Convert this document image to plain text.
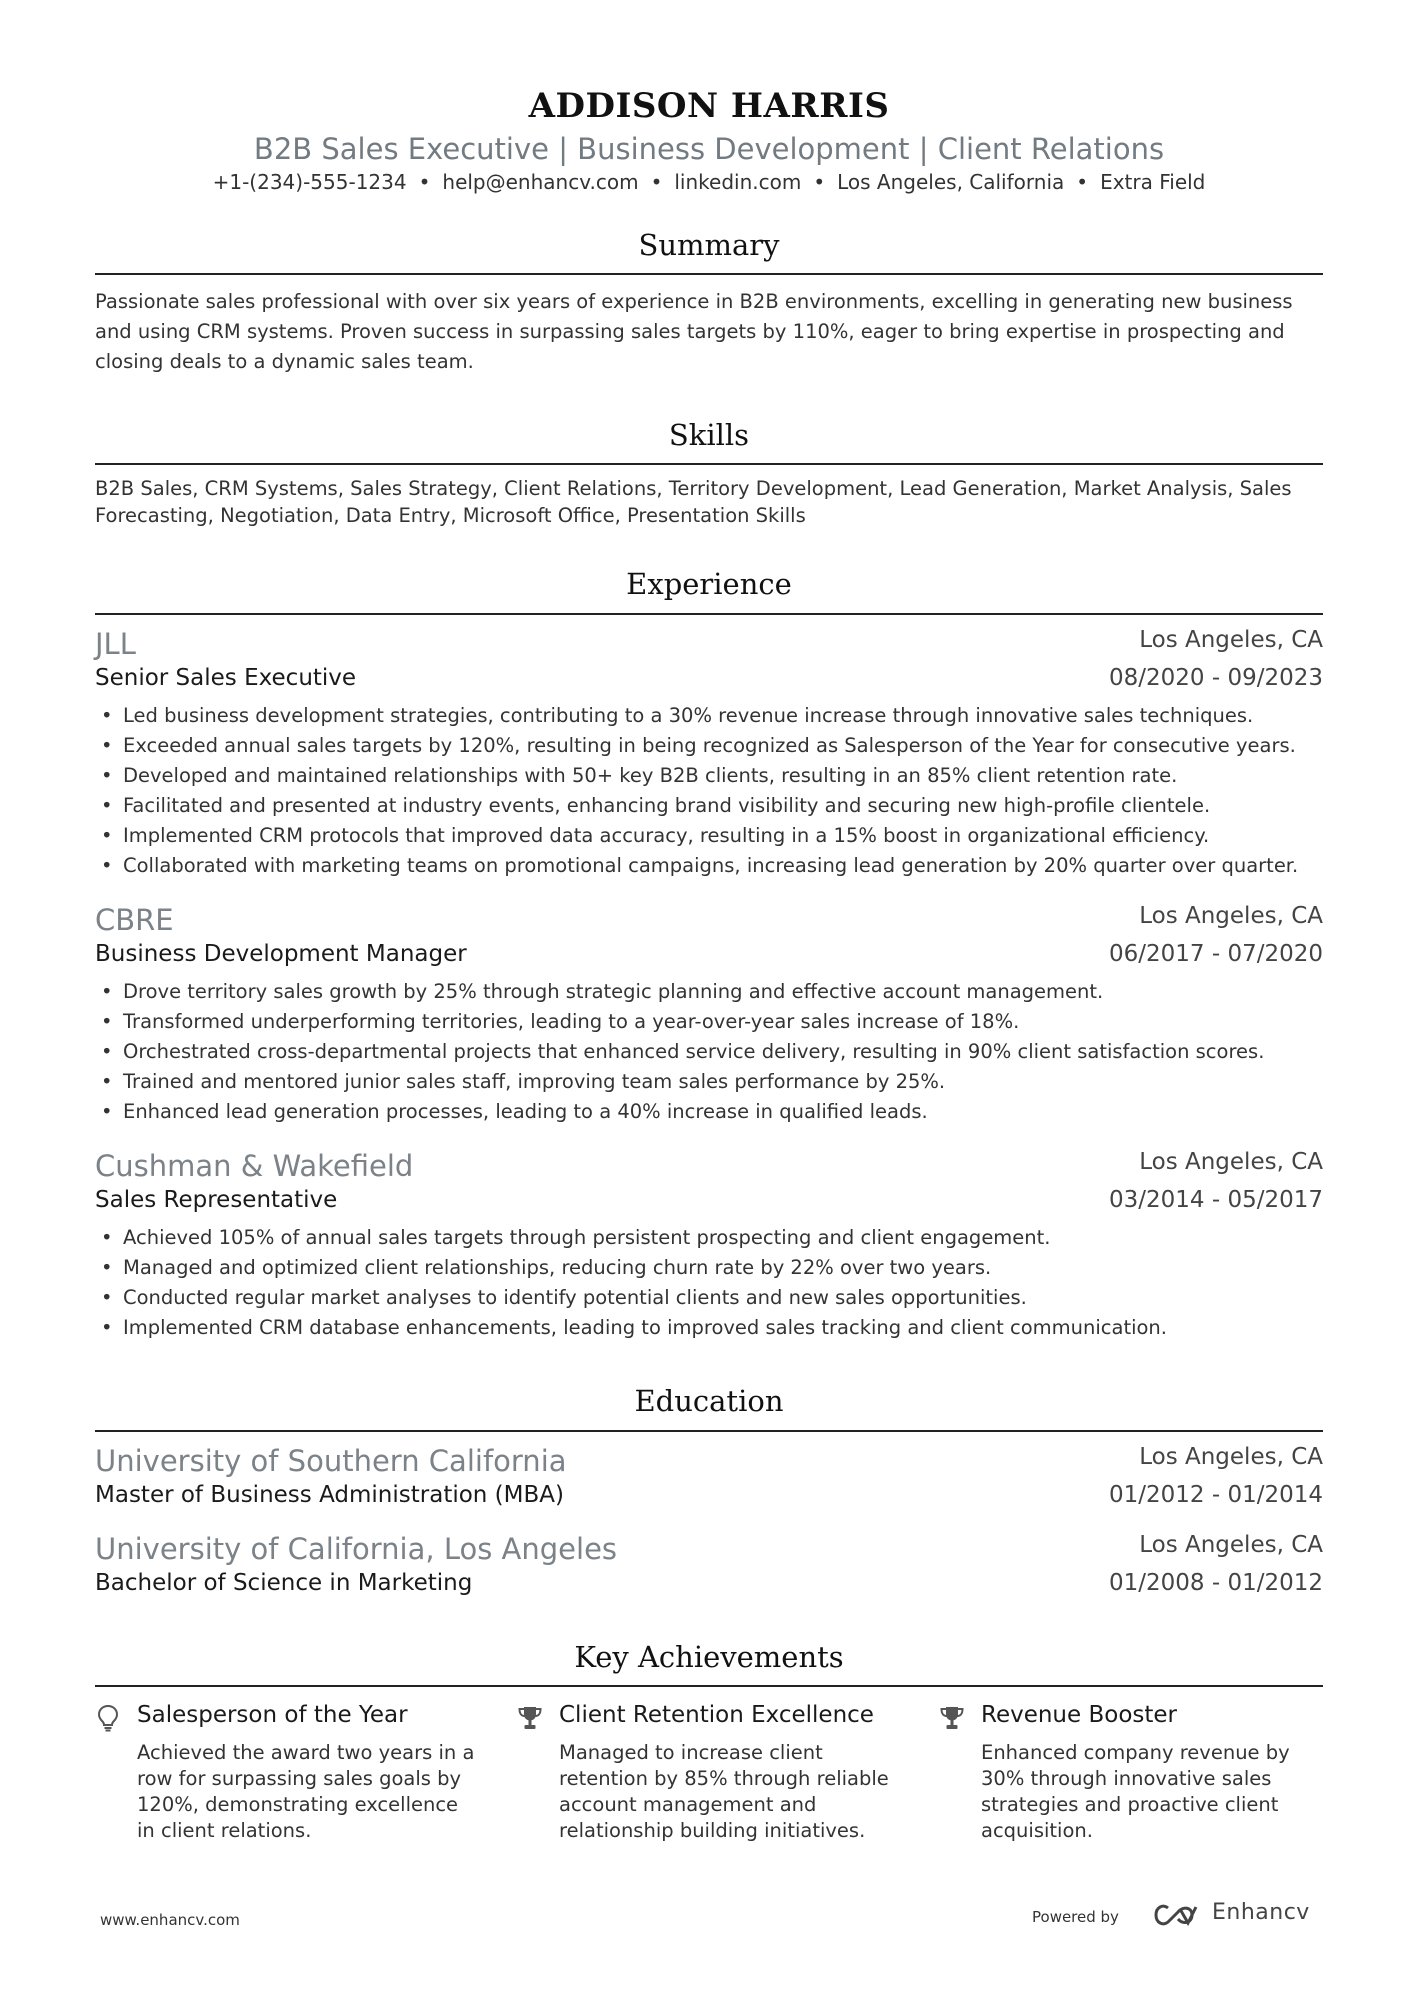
ADDISON HARRIS
B2B Sales Executive | Business Development | Client Relations
+1-(234)-555-1234 • help@enhancv.com • linkedin.com • Los Angeles, California • Extra Field
Summary
Passionate sales professional with over six years of experience in B2B environments, excelling in generating new business
and using CRM systems. Proven success in surpassing sales targets by 110%, eager to bring expertise in prospecting and
closing deals to a dynamic sales team.
Skills
B2B Sales, CRM Systems, Sales Strategy, Client Relations, Territory Development, Lead Generation, Market Analysis, Sales
Forecasting, Negotiation, Data Entry, Microsoft Office, Presentation Skills
Experience
JLL	Los Angeles, CA
Senior Sales Executive	08/2020 - 09/2023
• Led business development strategies, contributing to a 30% revenue increase through innovative sales techniques.
• Exceeded annual sales targets by 120%, resulting in being recognized as Salesperson of the Year for consecutive years.
• Developed and maintained relationships with 50+ key B2B clients, resulting in an 85% client retention rate.
• Facilitated and presented at industry events, enhancing brand visibility and securing new high-profile clientele.
• Implemented CRM protocols that improved data accuracy, resulting in a 15% boost in organizational efficiency.
• Collaborated with marketing teams on promotional campaigns, increasing lead generation by 20% quarter over quarter.
CBRE	Los Angeles, CA
Business Development Manager	06/2017 - 07/2020
• Drove territory sales growth by 25% through strategic planning and effective account management.
• Transformed underperforming territories, leading to a year-over-year sales increase of 18%.
• Orchestrated cross-departmental projects that enhanced service delivery, resulting in 90% client satisfaction scores.
• Trained and mentored junior sales staff, improving team sales performance by 25%.
• Enhanced lead generation processes, leading to a 40% increase in qualified leads.
Cushman & Wakefield	Los Angeles, CA
Sales Representative	03/2014 - 05/2017
• Achieved 105% of annual sales targets through persistent prospecting and client engagement.
• Managed and optimized client relationships, reducing churn rate by 22% over two years.
• Conducted regular market analyses to identify potential clients and new sales opportunities.
• Implemented CRM database enhancements, leading to improved sales tracking and client communication.
Education
University of Southern California	Los Angeles, CA
Master of Business Administration (MBA)	01/2012 - 01/2014
University of California, Los Angeles	Los Angeles, CA
Bachelor of Science in Marketing	01/2008 - 01/2012
Key Achievements
Salesperson of the Year
Achieved the award two years in a row for surpassing sales goals by 120%, demonstrating excellence in client relations.
Client Retention Excellence
Managed to increase client retention by 85% through reliable account management and relationship building initiatives.
Revenue Booster
Enhanced company revenue by 30% through innovative sales strategies and proactive client acquisition.
www.enhancv.com	Powered by	Enhancv
